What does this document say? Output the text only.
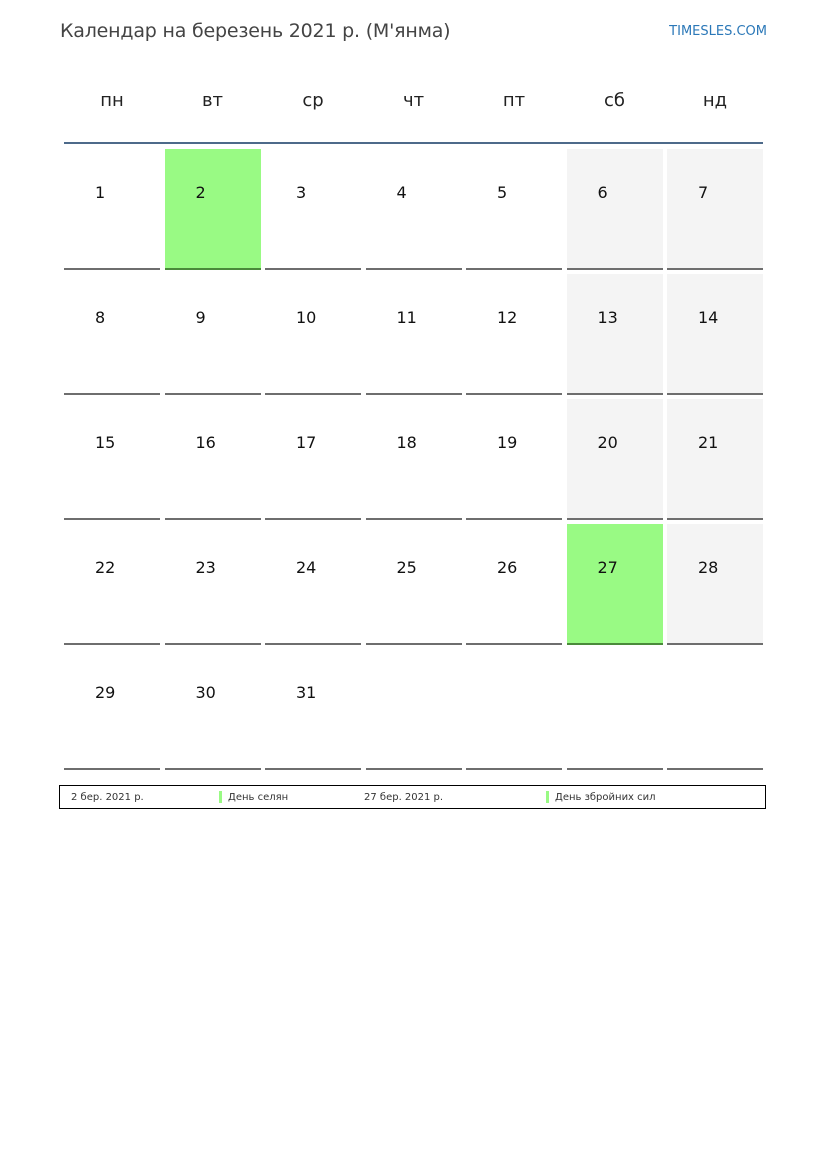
Календар на березень 2021 р. (М'янма)	TIMESLES.COM
пн	вт	ср	чт	пт	сб	нд
1	2	3	4	5	6	7
8	9	10	11	12	13	14
15	16	17	18	19	20	21
22	23	24	25	26	27	28
29	30	31
2 бер. 2021 р.	День селян	27 бер. 2021 р.	День збройних сил
